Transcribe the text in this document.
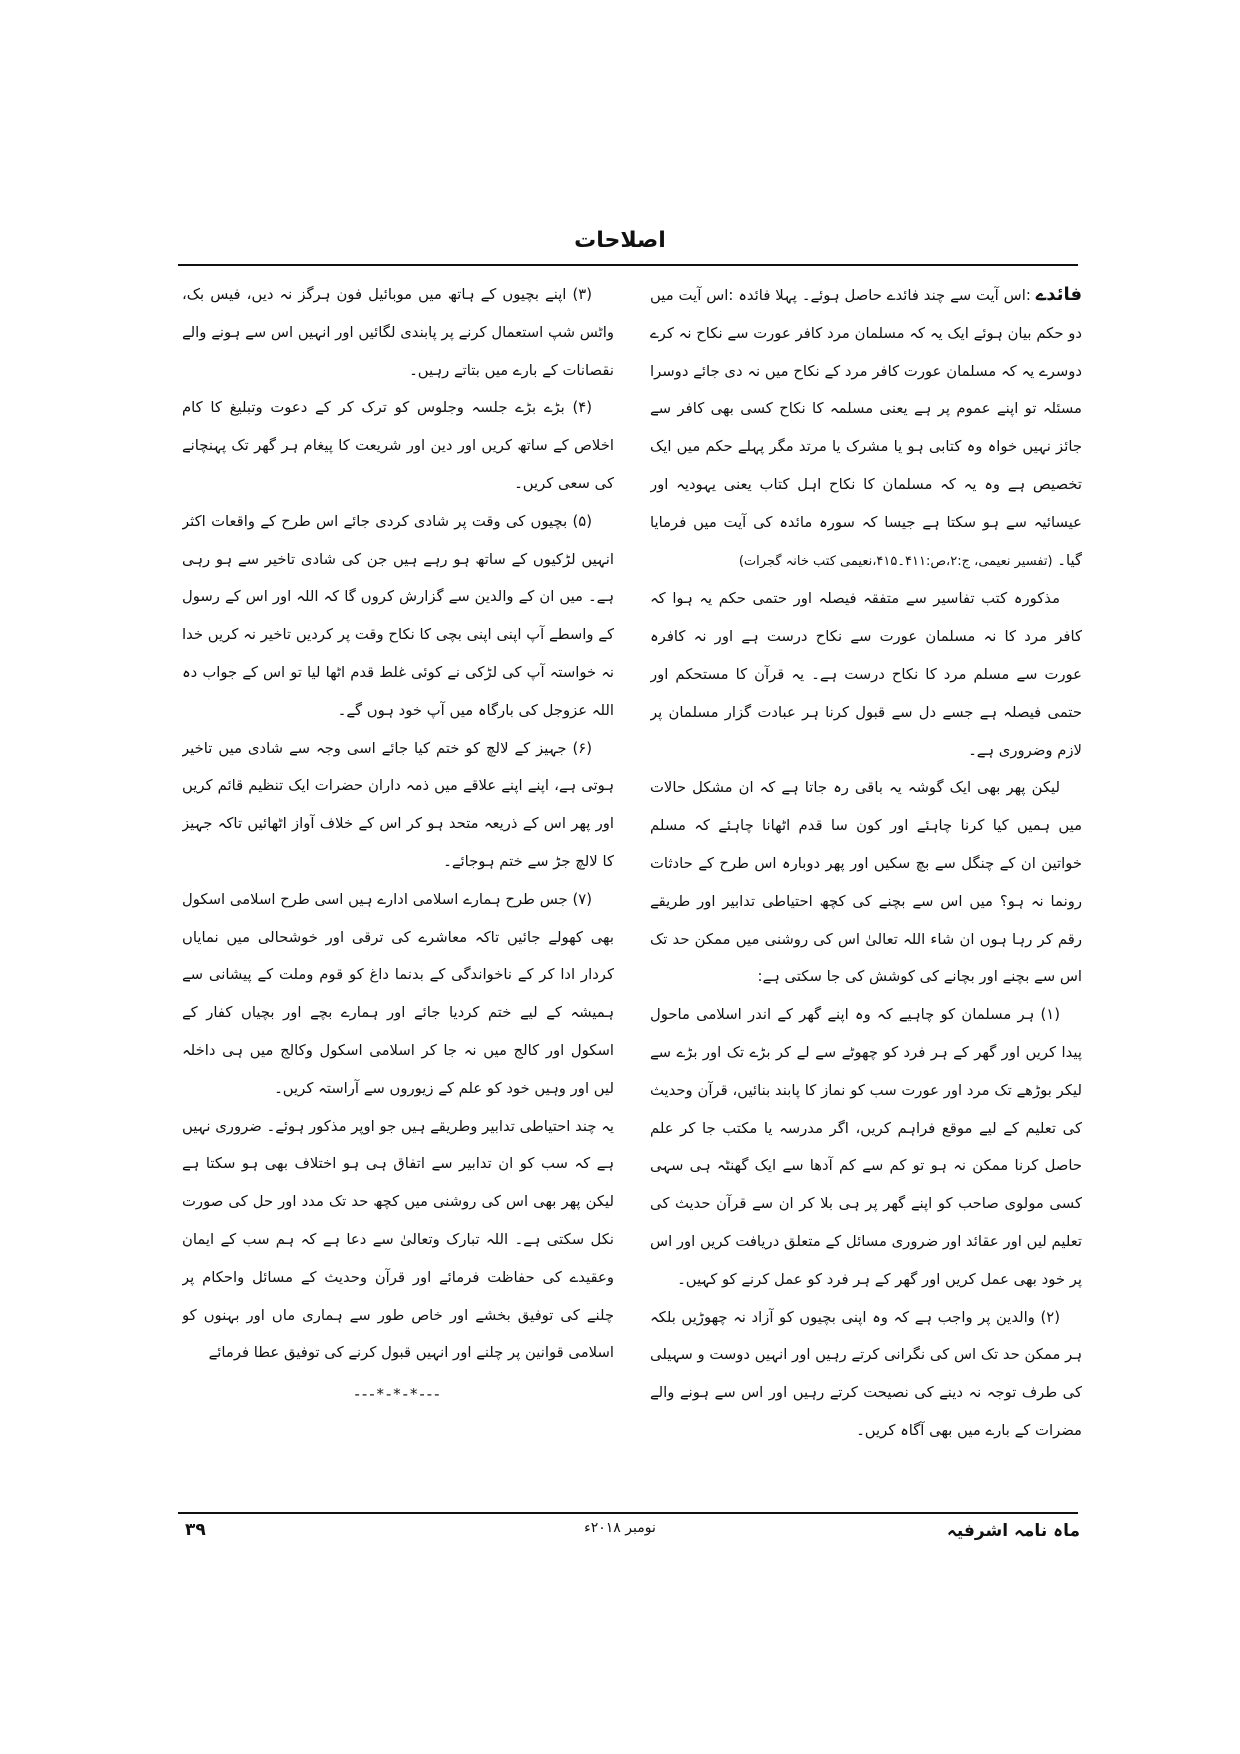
اصلاحات

فائدے :اس آیت سے چند فائدے حاصل ہوئے۔ پہلا فائدہ :اس آیت میں دو حکم بیان ہوئے ایک یہ کہ مسلمان مرد کافر عورت سے نکاح نہ کرے دوسرے یہ کہ مسلمان عورت کافر مرد کے نکاح میں نہ دی جائے دوسرا مسئلہ تو اپنے عموم پر ہے یعنی مسلمہ کا نکاح کسی بھی کافر سے جائز نہیں خواہ وہ کتابی ہو یا مشرک یا مرتد مگر پہلے حکم میں ایک تخصیص ہے وہ یہ کہ مسلمان کا نکاح اہل کتاب یعنی یہودیہ اور عیسائیہ سے ہو سکتا ہے جیسا کہ سورہ مائدہ کی آیت میں فرمایا گیا۔ (تفسیر نعیمی، ج:۲،ص:۴۱۱۔۴۱۵،نعیمی کتب خانہ گجرات)

مذکورہ کتب تفاسیر سے متفقہ فیصلہ اور حتمی حکم یہ ہوا کہ کافر مرد کا نہ مسلمان عورت سے نکاح درست ہے اور نہ کافرہ عورت سے مسلم مرد کا نکاح درست ہے۔ یہ قرآن کا مستحکم اور حتمی فیصلہ ہے جسے دل سے قبول کرنا ہر عبادت گزار مسلمان پر لازم وضروری ہے۔

لیکن پھر بھی ایک گوشہ یہ باقی رہ جاتا ہے کہ ان مشکل حالات میں ہمیں کیا کرنا چاہئے اور کون سا قدم اٹھانا چاہئے کہ مسلم خواتین ان کے چنگل سے بچ سکیں اور پھر دوبارہ اس طرح کے حادثات رونما نہ ہو؟ میں اس سے بچنے کی کچھ احتیاطی تدابیر اور طریقے رقم کر رہا ہوں ان شاء اللہ تعالیٰ اس کی روشنی میں ممکن حد تک اس سے بچنے اور بچانے کی کوشش کی جا سکتی ہے:

(۱) ہر مسلمان کو چاہیے کہ وہ اپنے گھر کے اندر اسلامی ماحول پیدا کریں اور گھر کے ہر فرد کو چھوٹے سے لے کر بڑے تک اور بڑے سے لیکر بوڑھے تک مرد اور عورت سب کو نماز کا پابند بنائیں، قرآن وحدیث کی تعلیم کے لیے موقع فراہم کریں، اگر مدرسہ یا مکتب جا کر علم حاصل کرنا ممکن نہ ہو تو کم سے کم آدھا سے ایک گھنٹہ ہی سہی کسی مولوی صاحب کو اپنے گھر پر ہی بلا کر ان سے قرآن حدیث کی تعلیم لیں اور عقائد اور ضروری مسائل کے متعلق دریافت کریں اور اس پر خود بھی عمل کریں اور گھر کے ہر فرد کو عمل کرنے کو کہیں۔

(۲) والدین پر واجب ہے کہ وہ اپنی بچیوں کو آزاد نہ چھوڑیں بلکہ ہر ممکن حد تک اس کی نگرانی کرتے رہیں اور انہیں دوست و سہیلی کی طرف توجہ نہ دینے کی نصیحت کرتے رہیں اور اس سے ہونے والے مضرات کے بارے میں بھی آگاہ کریں۔

(۳) اپنے بچیوں کے ہاتھ میں موبائیل فون ہرگز نہ دیں، فیس بک، واٹس شپ استعمال کرنے پر پابندی لگائیں اور انہیں اس سے ہونے والے نقصانات کے بارے میں بتاتے رہیں۔

(۴) بڑے بڑے جلسہ وجلوس کو ترک کر کے دعوت وتبلیغ کا کام اخلاص کے ساتھ کریں اور دین اور شریعت کا پیغام ہر گھر تک پہنچانے کی سعی کریں۔

(۵) بچیوں کی وقت پر شادی کردی جائے اس طرح کے واقعات اکثر انہیں لڑکیوں کے ساتھ ہو رہے ہیں جن کی شادی تاخیر سے ہو رہی ہے۔ میں ان کے والدین سے گزارش کروں گا کہ اللہ اور اس کے رسول کے واسطے آپ اپنی اپنی بچی کا نکاح وقت پر کردیں تاخیر نہ کریں خدا نہ خواستہ آپ کی لڑکی نے کوئی غلط قدم اٹھا لیا تو اس کے جواب دہ اللہ عزوجل کی بارگاہ میں آپ خود ہوں گے۔

(۶) جہیز کے لالچ کو ختم کیا جائے اسی وجہ سے شادی میں تاخیر ہوتی ہے، اپنے اپنے علاقے میں ذمہ داران حضرات ایک تنظیم قائم کریں اور پھر اس کے ذریعہ متحد ہو کر اس کے خلاف آواز اٹھائیں تاکہ جہیز کا لالچ جڑ سے ختم ہوجائے۔

(۷) جس طرح ہمارے اسلامی ادارے ہیں اسی طرح اسلامی اسکول بھی کھولے جائیں تاکہ معاشرے کی ترقی اور خوشحالی میں نمایاں کردار ادا کر کے ناخواندگی کے بدنما داغ کو قوم وملت کے پیشانی سے ہمیشہ کے لیے ختم کردیا جائے اور ہمارے بچے اور بچیاں کفار کے اسکول اور کالج میں نہ جا کر اسلامی اسکول وکالج میں ہی داخلہ لیں اور وہیں خود کو علم کے زیوروں سے آراستہ کریں۔

یہ چند احتیاطی تدابیر وطریقے ہیں جو اوپر مذکور ہوئے۔ ضروری نہیں ہے کہ سب کو ان تدابیر سے اتفاق ہی ہو اختلاف بھی ہو سکتا ہے لیکن پھر بھی اس کی روشنی میں کچھ حد تک مدد اور حل کی صورت نکل سکتی ہے۔ اللہ تبارک وتعالیٰ سے دعا ہے کہ ہم سب کے ایمان وعقیدے کی حفاظت فرمائے اور قرآن وحدیث کے مسائل واحکام پر چلنے کی توفیق بخشے اور خاص طور سے ہماری ماں اور بہنوں کو اسلامی قوانین پر چلنے اور انہیں قبول کرنے کی توفیق عطا فرمائے

---*-*-*---

ماہ نامہ اشرفیہ
نومبر ۲۰۱۸ء
۳۹
